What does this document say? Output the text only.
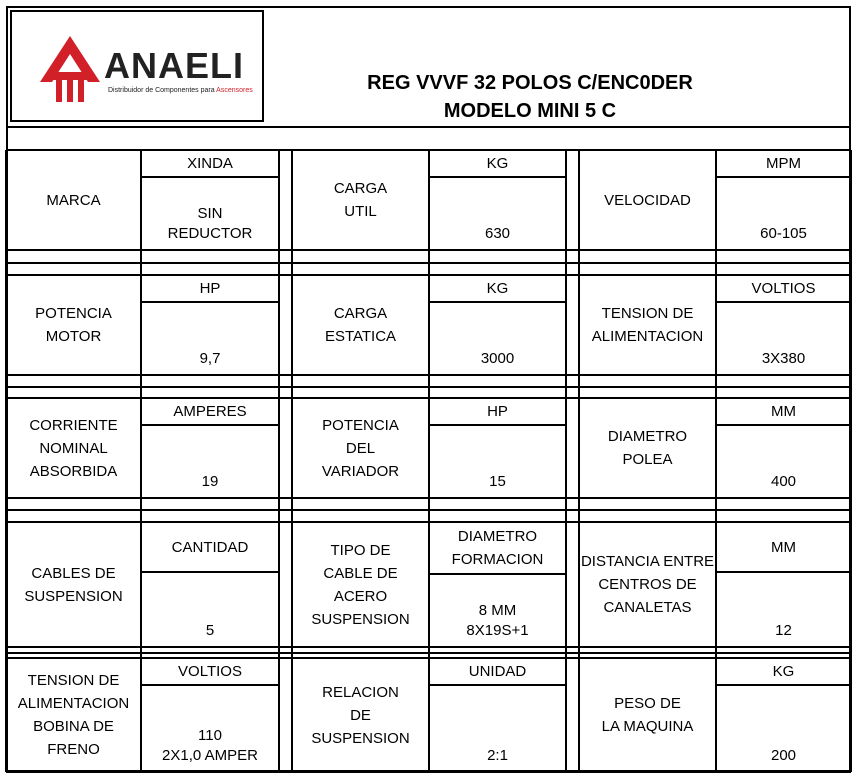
ANAELI
Distribuidor de Componentes para Ascensores	REG VVVF 32 POLOS C/ENC0DER
MODELO MINI 5 C
MARCA
XINDA
SIN
REDUCTOR
CARGA
UTIL
KG
630
VELOCIDAD
MPM
60-105
POTENCIA
MOTOR
HP
9,7
CARGA
ESTATICA
KG
3000
TENSION DE
ALIMENTACION
VOLTIOS
3X380
CORRIENTE
NOMINAL
ABSORBIDA
AMPERES
19
POTENCIA
DEL
VARIADOR
HP
15
DIAMETRO
POLEA
MM
400
CABLES DE
SUSPENSION
CANTIDAD
5
TIPO DE
CABLE DE
ACERO
SUSPENSION
DIAMETRO
FORMACION
8 MM
8X19S+1
DISTANCIA ENTRE
CENTROS DE
CANALETAS
MM
12
TENSION DE
ALIMENTACION
BOBINA DE
FRENO
VOLTIOS
110
2X1,0 AMPER
RELACION
DE
SUSPENSION
UNIDAD
2:1
PESO DE
LA MAQUINA
KG
200
